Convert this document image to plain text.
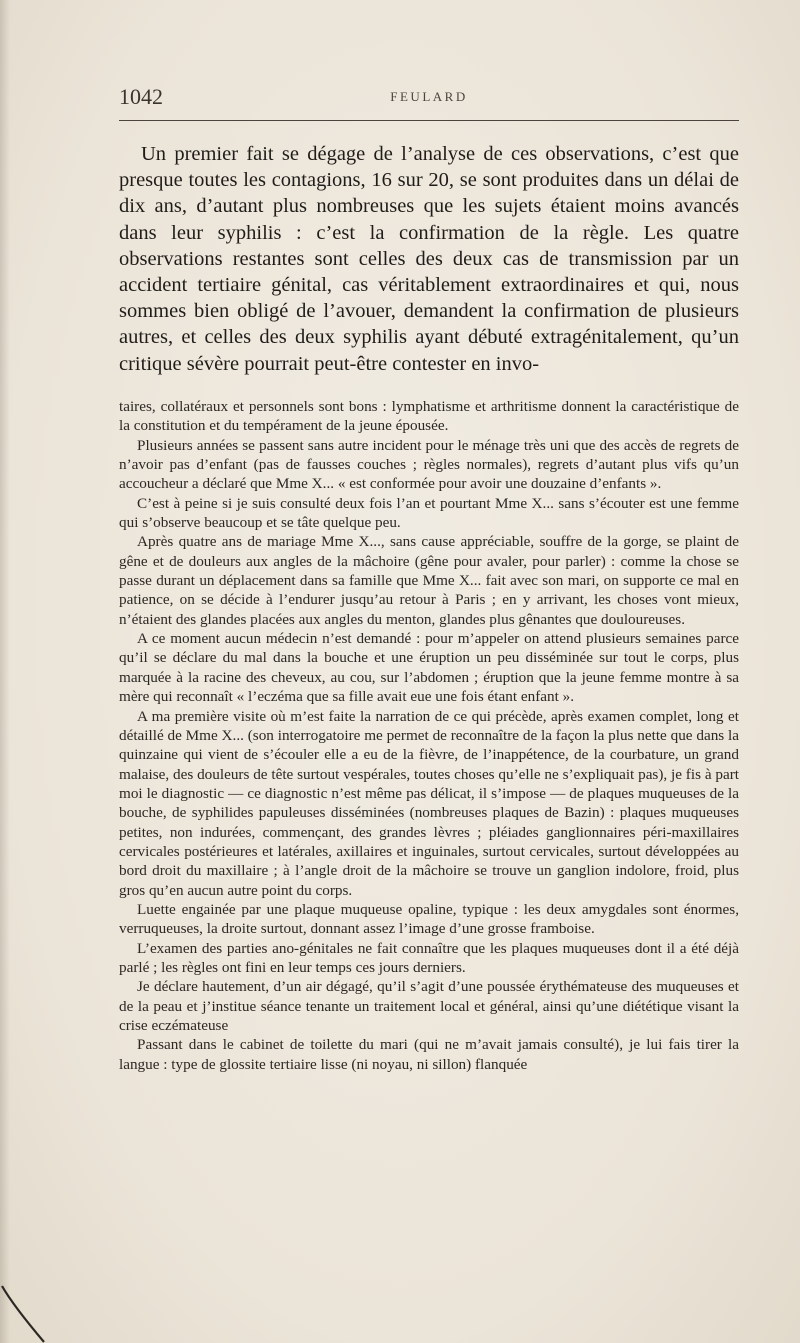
1042	FEULARD

Un premier fait se dégage de l’analyse de ces observations, c’est que presque toutes les contagions, 16 sur 20, se sont produites dans un délai de dix ans, d’autant plus nombreuses que les sujets étaient moins avancés dans leur syphilis : c’est la confirmation de la règle. Les quatre observations restantes sont celles des deux cas de transmission par un accident tertiaire génital, cas véritablement extraordinaires et qui, nous sommes bien obligé de l’avouer, demandent la confirmation de plusieurs autres, et celles des deux syphilis ayant débuté extragénitalement, qu’un critique sévère pourrait peut-être contester en invo-

taires, collatéraux et personnels sont bons : lymphatisme et arthritisme donnent la caractéristique de la constitution et du tempérament de la jeune épousée.

Plusieurs années se passent sans autre incident pour le ménage très uni que des accès de regrets de n’avoir pas d’enfant (pas de fausses couches ; règles normales), regrets d’autant plus vifs qu’un accoucheur a déclaré que Mme X... « est conformée pour avoir une douzaine d’enfants ».

C’est à peine si je suis consulté deux fois l’an et pourtant Mme X... sans s’écouter est une femme qui s’observe beaucoup et se tâte quelque peu.

Après quatre ans de mariage Mme X..., sans cause appréciable, souffre de la gorge, se plaint de gêne et de douleurs aux angles de la mâchoire (gêne pour avaler, pour parler) : comme la chose se passe durant un déplacement dans sa famille que Mme X... fait avec son mari, on supporte ce mal en patience, on se décide à l’endurer jusqu’au retour à Paris ; en y arrivant, les choses vont mieux, n’étaient des glandes placées aux angles du menton, glandes plus gênantes que douloureuses.

A ce moment aucun médecin n’est demandé : pour m’appeler on attend plusieurs semaines parce qu’il se déclare du mal dans la bouche et une éruption un peu disséminée sur tout le corps, plus marquée à la racine des cheveux, au cou, sur l’abdomen ; éruption que la jeune femme montre à sa mère qui reconnaît « l’eczéma que sa fille avait eue une fois étant enfant ».

A ma première visite où m’est faite la narration de ce qui précède, après examen complet, long et détaillé de Mme X... (son interrogatoire me permet de reconnaître de la façon la plus nette que dans la quinzaine qui vient de s’écouler elle a eu de la fièvre, de l’inappétence, de la courbature, un grand malaise, des douleurs de tête surtout vespérales, toutes choses qu’elle ne s’expliquait pas), je fis à part moi le diagnostic — ce diagnostic n’est même pas délicat, il s’impose — de plaques muqueuses de la bouche, de syphilides papuleuses disséminées (nombreuses plaques de Bazin) : plaques muqueuses petites, non indurées, commençant, des grandes lèvres ; pléiades ganglionnaires péri-maxillaires cervicales postérieures et latérales, axillaires et inguinales, surtout cervicales, surtout développées au bord droit du maxillaire ; à l’angle droit de la mâchoire se trouve un ganglion indolore, froid, plus gros qu’en aucun autre point du corps.

Luette engainée par une plaque muqueuse opaline, typique : les deux amygdales sont énormes, verruqueuses, la droite surtout, donnant assez l’image d’une grosse framboise.

L’examen des parties ano-génitales ne fait connaître que les plaques muqueuses dont il a été déjà parlé ; les règles ont fini en leur temps ces jours derniers.

Je déclare hautement, d’un air dégagé, qu’il s’agit d’une poussée érythémateuse des muqueuses et de la peau et j’institue séance tenante un traitement local et général, ainsi qu’une diététique visant la crise eczémateuse

Passant dans le cabinet de toilette du mari (qui ne m’avait jamais consulté), je lui fais tirer la langue : type de glossite tertiaire lisse (ni noyau, ni sillon) flanquée
